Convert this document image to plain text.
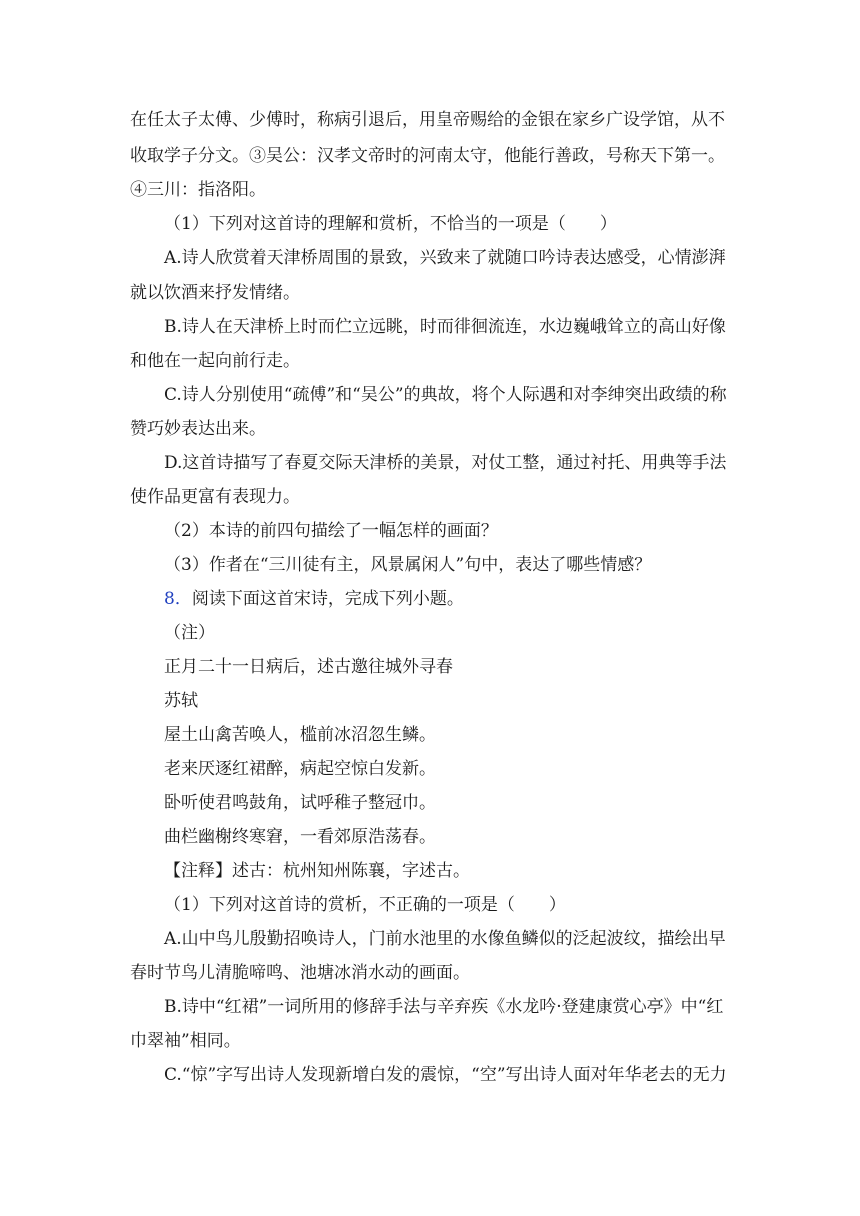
在任太子太傅、少傅时，称病引退后，用皇帝赐给的金银在家乡广设学馆，从不
收取学子分文。③吴公：汉孝文帝时的河南太守，他能行善政，号称天下第一。
④三川：指洛阳。
（1）下列对这首诗的理解和赏析，不恰当的一项是（　　）
A.诗人欣赏着天津桥周围的景致，兴致来了就随口吟诗表达感受，心情澎湃
就以饮酒来抒发情绪。
B.诗人在天津桥上时而伫立远眺，时而徘徊流连，水边巍峨耸立的高山好像
和他在一起向前行走。
C.诗人分别使用“疏傅”和“吴公”的典故，将个人际遇和对李绅突出政绩的称
赞巧妙表达出来。
D.这首诗描写了春夏交际天津桥的美景，对仗工整，通过衬托、用典等手法
使作品更富有表现力。
（2）本诗的前四句描绘了一幅怎样的画面？
（3）作者在“三川徒有主，风景属闲人”句中，表达了哪些情感？
8．阅读下面这首宋诗，完成下列小题。
（注）
正月二十一日病后，述古邀往城外寻春
苏轼
屋土山禽苦唤人，槛前冰沼忽生鳞。
老来厌逐红裙醉，病起空惊白发新。
卧听使君鸣鼓角，试呼稚子整冠巾。
曲栏幽榭终寒窘，一看郊原浩荡春。
【注释】述古：杭州知州陈襄，字述古。
（1）下列对这首诗的赏析，不正确的一项是（　　）
A.山中鸟儿殷勤招唤诗人，门前水池里的水像鱼鳞似的泛起波纹，描绘出早
春时节鸟儿清脆啼鸣、池塘冰消水动的画面。
B.诗中“红裙”一词所用的修辞手法与辛弃疾《水龙吟·登建康赏心亭》中“红
巾翠袖”相同。
C.“惊”字写出诗人发现新增白发的震惊，“空”写出诗人面对年华老去的无力
